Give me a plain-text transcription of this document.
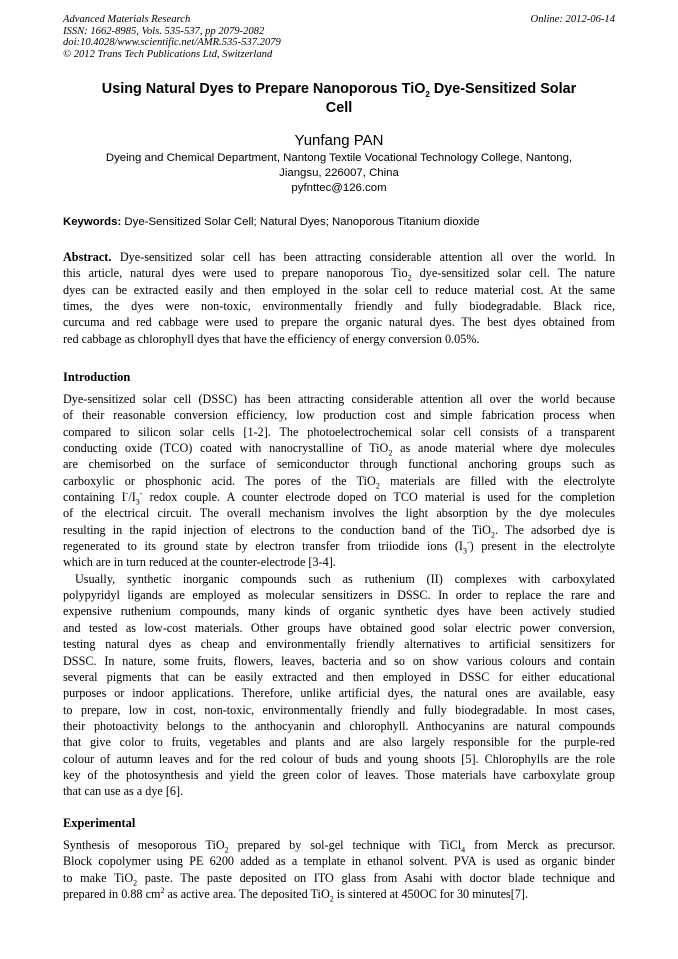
Advanced Materials Research
ISSN: 1662-8985, Vols. 535-537, pp 2079-2082
doi:10.4028/www.scientific.net/AMR.535-537.2079
© 2012 Trans Tech Publications Ltd, Switzerland
Online: 2012-06-14
Using Natural Dyes to Prepare Nanoporous TiO$_2$ Dye-Sensitized Solar
Cell
Yunfang PAN
Dyeing and Chemical Department, Nantong Textile Vocational Technology College, Nantong,
Jiangsu, 226007, China
pyfnttec@126.com
Keywords: Dye-Sensitized Solar Cell; Natural Dyes; Nanoporous Titanium dioxide
Abstract. Dye-sensitized solar cell has been attracting considerable attention all over the world. In
this article, natural dyes were used to prepare nanoporous Tio$_2$ dye-sensitized solar cell. The nature
dyes can be extracted easily and then employed in the solar cell to reduce material cost. At the same
times, the dyes were non-toxic, environmentally friendly and fully biodegradable. Black rice,
curcuma and red cabbage were used to prepare the organic natural dyes. The best dyes obtained from
red cabbage as chlorophyll dyes that have the efficiency of energy conversion 0.05%.
Introduction
Dye-sensitized solar cell (DSSC) has been attracting considerable attention all over the world because
of their reasonable conversion efficiency, low production cost and simple fabrication process when
compared to silicon solar cells [1-2]. The photoelectrochemical solar cell consists of a transparent
conducting oxide (TCO) coated with nanocrystalline of TiO$_2$ as anode material where dye molecules
are chemisorbed on the surface of semiconductor through functional anchoring groups such as
carboxylic or phosphonic acid. The pores of the TiO$_2$ materials are filled with the electrolyte
containing $I^-/I_3^-$ redox couple. A counter electrode doped on TCO material is used for the completion
of the electrical circuit. The overall mechanism involves the light absorption by the dye molecules
resulting in the rapid injection of electrons to the conduction band of the TiO$_2$. The adsorbed dye is
regenerated to its ground state by electron transfer from triiodide ions $(I_3^-)$ present in the electrolyte
which are in turn reduced at the counter-electrode [3-4].
Usually, synthetic inorganic compounds such as ruthenium (II) complexes with carboxylated
polypyridyl ligands are employed as molecular sensitizers in DSSC. In order to replace the rare and
expensive ruthenium compounds, many kinds of organic synthetic dyes have been actively studied
and tested as low-cost materials. Other groups have obtained good solar electric power conversion,
testing natural dyes as cheap and environmentally friendly alternatives to artificial sensitizers for
DSSC. In nature, some fruits, flowers, leaves, bacteria and so on show various colours and contain
several pigments that can be easily extracted and then employed in DSSC for either educational
purposes or indoor applications. Therefore, unlike artificial dyes, the natural ones are available, easy
to prepare, low in cost, non-toxic, environmentally friendly and fully biodegradable. In most cases,
their photoactivity belongs to the anthocyanin and chlorophyll. Anthocyanins are natural compounds
that give color to fruits, vegetables and plants and are also largely responsible for the purple-red
colour of autumn leaves and for the red colour of buds and young shoots [5]. Chlorophylls are the role
key of the photosynthesis and yield the green color of leaves. Those materials have carboxylate group
that can use as a dye [6].
Experimental
Synthesis of mesoporous TiO$_2$ prepared by sol-gel technique with TiCl$_4$ from Merck as precursor.
Block copolymer using PE 6200 added as a template in ethanol solvent. PVA is used as organic binder
to make TiO$_2$ paste. The paste deposited on ITO glass from Asahi with doctor blade technique and
prepared in 0.88 $cm^2$ as active area. The deposited TiO$_2$ is sintered at 450OC for 30 minutes[7].
